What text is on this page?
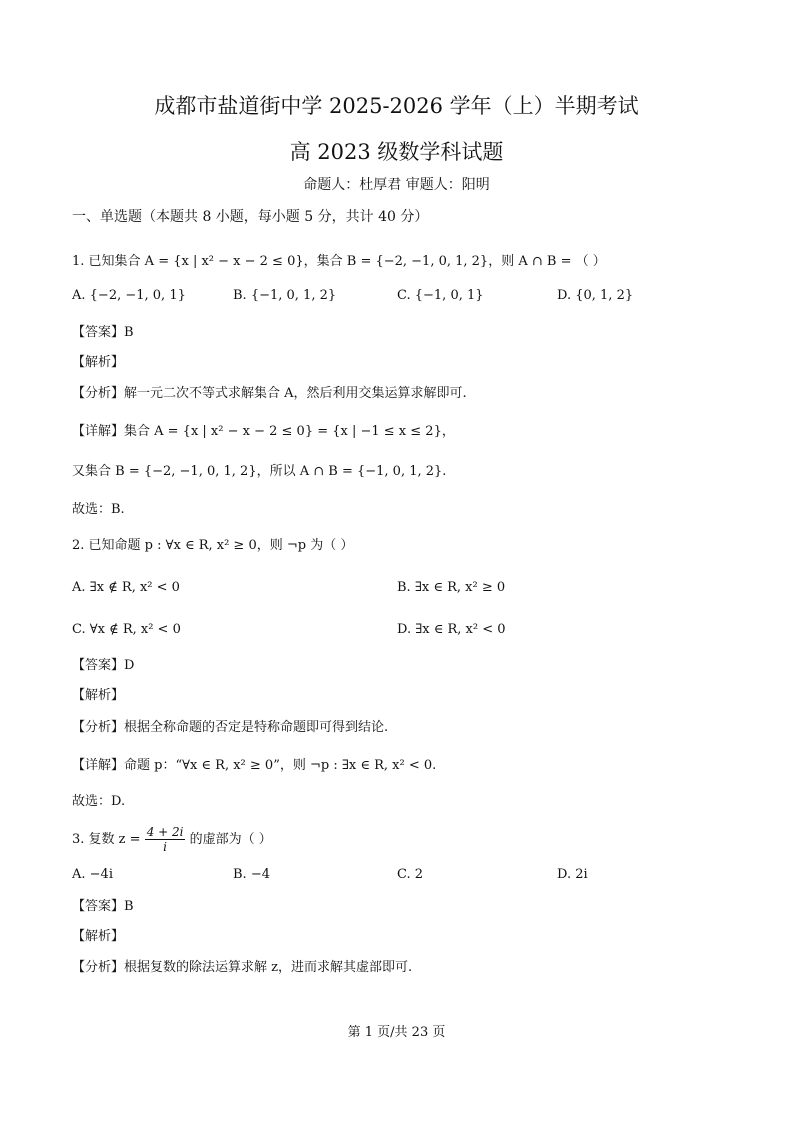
成都市盐道街中学 2025-2026 学年（上）半期考试
高 2023 级数学科试题
命题人：杜厚君 审题人：阳明
一、单选题（本题共 8 小题，每小题 5 分，共计 40 分）
1. 已知集合 A = {x | x² − x − 2 ≤ 0}，集合 B = {−2, −1, 0, 1, 2}，则 A ∩ B = （ ）
A. {−2, −1, 0, 1}	B. {−1, 0, 1, 2}	C. {−1, 0, 1}	D. {0, 1, 2}
【答案】B
【解析】
【分析】解一元二次不等式求解集合 A，然后利用交集运算求解即可.
【详解】集合 A = {x | x² − x − 2 ≤ 0} = {x | −1 ≤ x ≤ 2}，
又集合 B = {−2, −1, 0, 1, 2}，所以 A ∩ B = {−1, 0, 1, 2}.
故选：B.
2. 已知命题 p : ∀x ∈ R, x² ≥ 0，则 ¬p 为（ ）
A. ∃x ∉ R, x² < 0	B. ∃x ∈ R, x² ≥ 0
C. ∀x ∉ R, x² < 0	D. ∃x ∈ R, x² < 0
【答案】D
【解析】
【分析】根据全称命题的否定是特称命题即可得到结论.
【详解】命题 p：“∀x ∈ R, x² ≥ 0”，则 ¬p : ∃x ∈ R, x² < 0.
故选：D.
3. 复数 $z = \frac{4 + 2i}{i}$ 的虚部为（ ）
A. −4i	B. −4	C. 2	D. 2i
【答案】B
【解析】
【分析】根据复数的除法运算求解 z，进而求解其虚部即可.
第 1 页/共 23 页
